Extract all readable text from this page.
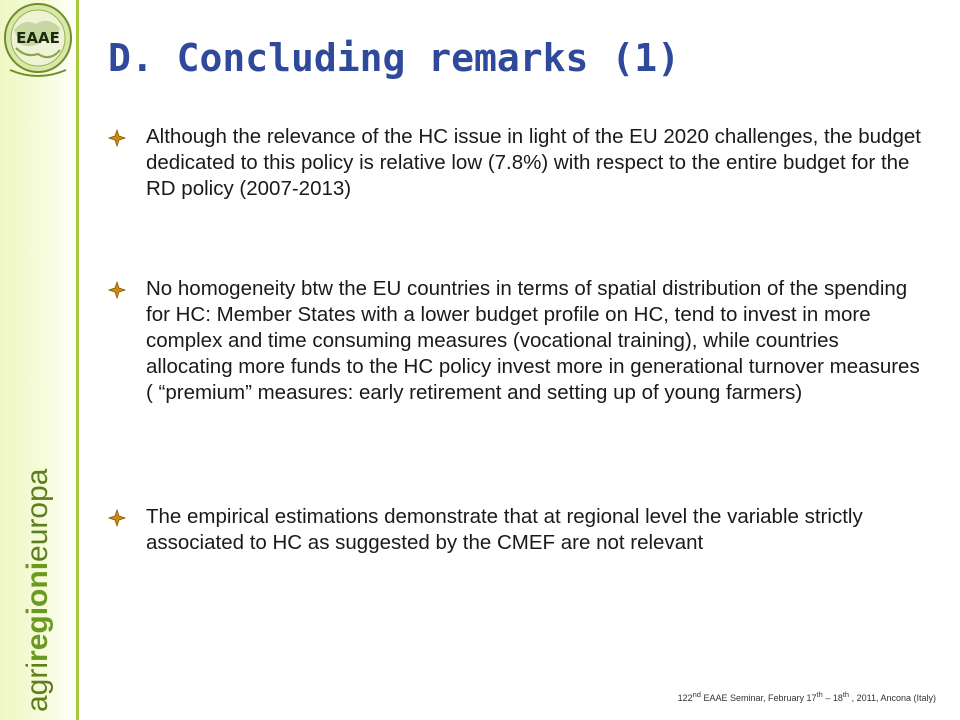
EAAE
agriregionieuropa
D. Concluding remarks (1)
Although the relevance of the HC issue in light of the EU 2020 challenges, the budget dedicated to this policy is relative low (7.8%) with respect to the entire budget for the RD policy (2007-2013)
No homogeneity btw the EU countries in terms of spatial distribution of the spending for HC: Member States with a lower budget profile on HC, tend to invest in more complex and time consuming measures (vocational training), while countries allocating more funds to the HC policy invest more in generational turnover measures ( “premium” measures: early retirement and setting up of young farmers)
The empirical estimations demonstrate that at regional level the variable strictly associated to HC as suggested by the CMEF are not relevant
122nd EAAE Seminar, February 17th – 18th , 2011, Ancona (Italy)
